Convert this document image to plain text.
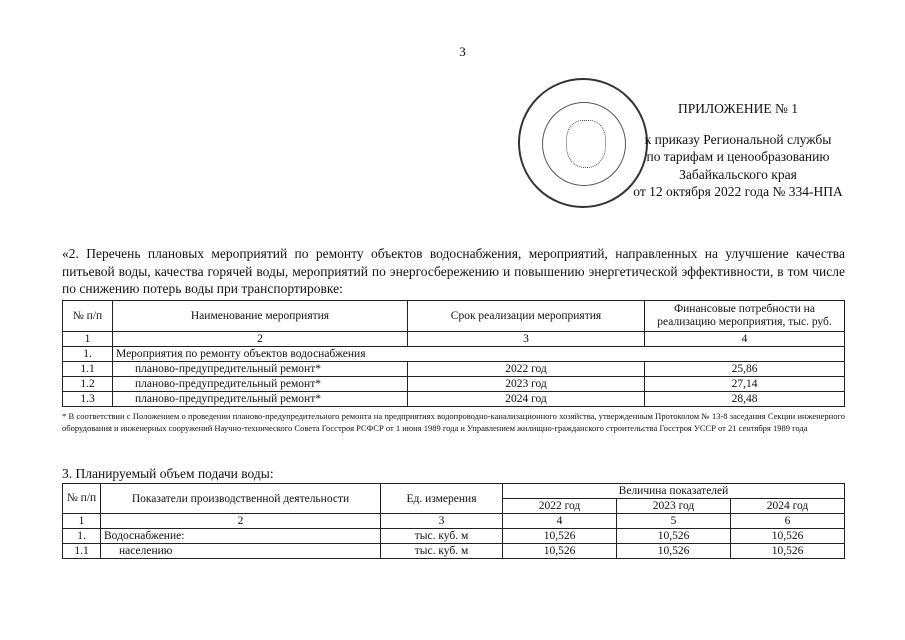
3
ПРИЛОЖЕНИЕ № 1
к приказу Региональной службы
по тарифам и ценообразованию
Забайкальского края
от 12 октября 2022 года № 334-НПА
«2. Перечень плановых мероприятий по ремонту объектов водоснабжения, мероприятий, направленных на улучшение качества питьевой воды, качества горячей воды, мероприятий по энергосбережению и повышению энергетической эффективности, в том числе по снижению потерь воды при транспортировке:
№ п/п	Наименование мероприятия	Срок реализации мероприятия	Финансовые потребности на реализацию мероприятия, тыс. руб.
1	2	3	4
1.	Мероприятия по ремонту объектов водоснабжения		
1.1	планово-предупредительный ремонт*	2022 год	25,86
1.2	планово-предупредительный ремонт*	2023 год	27,14
1.3	планово-предупредительный ремонт*	2024 год	28,48
* В соответствии с Положением о проведении планово-предупредительного ремонта на предприятиях водопроводно-канализационного хозяйства, утвержденным Протоколом № 13-8 заседания Секции инженерного оборудования и инженерных сооружений Научно-технического Совета Госстроя РСФСР от 1 июня 1989 года и Управлением жилищно-гражданского строительства Госстроя УССР от 21 сентября 1989 года
3. Планируемый объем подачи воды:
№ п/п	Показатели производственной деятельности	Ед. измерения	Величина показателей		
			2022 год	2023 год	2024 год
1	2	3	4	5	6
1.	Водоснабжение:	тыс. куб. м	10,526	10,526	10,526
1.1	населению	тыс. куб. м	10,526	10,526	10,526
